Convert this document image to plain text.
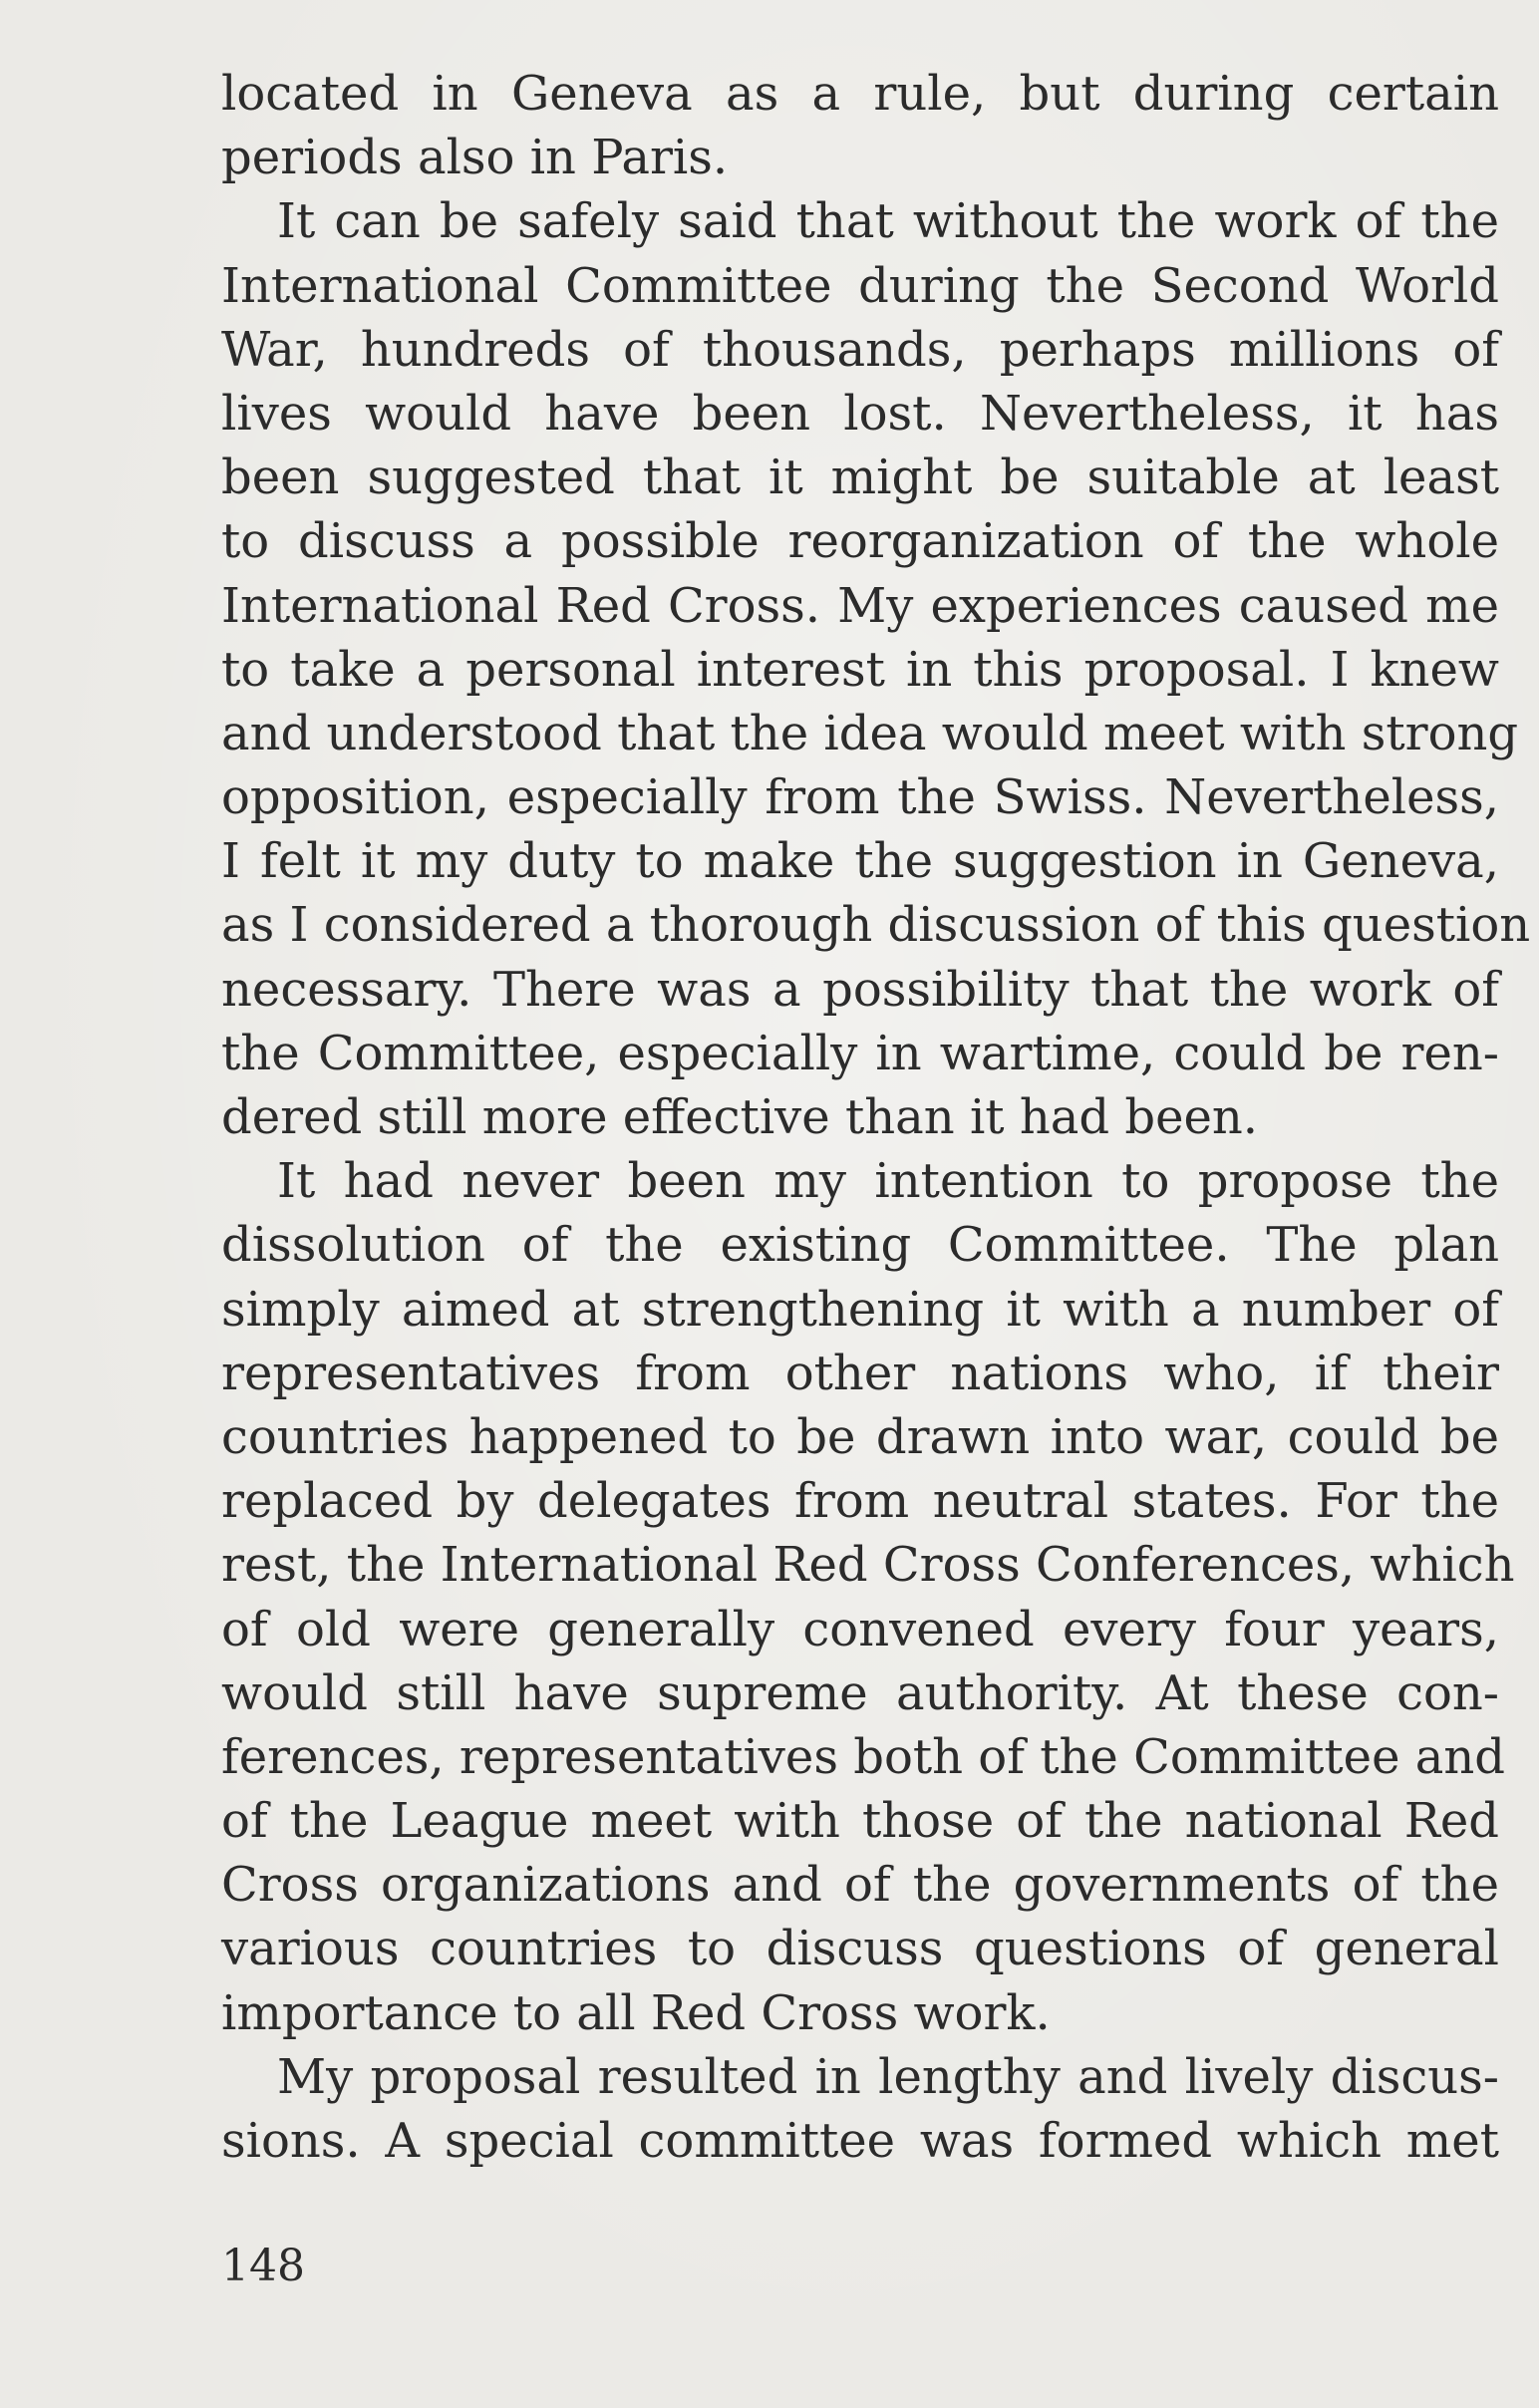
located in Geneva as a rule, but during certain
periods also in Paris.
It can be safely said that without the work of the
International Committee during the Second World
War, hundreds of thousands, perhaps millions of
lives would have been lost. Nevertheless, it has
been suggested that it might be suitable at least
to discuss a possible reorganization of the whole
International Red Cross. My experiences caused me
to take a personal interest in this proposal. I knew
and understood that the idea would meet with strong
opposition, especially from the Swiss. Nevertheless,
I felt it my duty to make the suggestion in Geneva,
as I considered a thorough discussion of this question
necessary. There was a possibility that the work of
the Committee, especially in wartime, could be ren-
dered still more effective than it had been.
It had never been my intention to propose the
dissolution of the existing Committee. The plan
simply aimed at strengthening it with a number of
representatives from other nations who, if their
countries happened to be drawn into war, could be
replaced by delegates from neutral states. For the
rest, the International Red Cross Conferences, which
of old were generally convened every four years,
would still have supreme authority. At these con-
ferences, representatives both of the Committee and
of the League meet with those of the national Red
Cross organizations and of the governments of the
various countries to discuss questions of general
importance to all Red Cross work.
My proposal resulted in lengthy and lively discus-
sions. A special committee was formed which met
148
